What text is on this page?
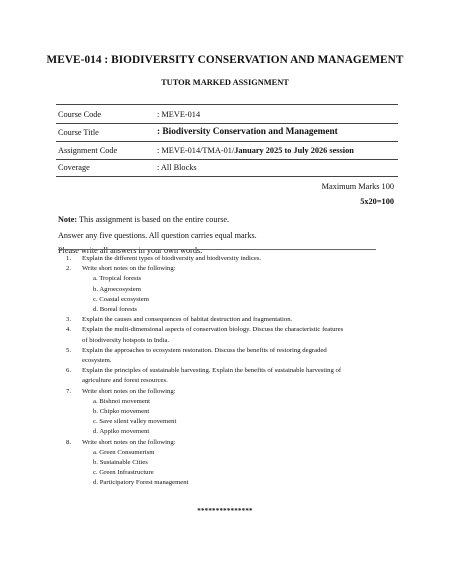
MEVE-014 : BIODIVERSITY CONSERVATION AND MANAGEMENT
TUTOR MARKED ASSIGNMENT
Course Code	: MEVE-014
Course Title	: Biodiversity Conservation and Management
Assignment Code	: MEVE-014/TMA-01/January 2025 to July 2026 session
Coverage	: All Blocks
Maximum Marks 100
5x20=100
Note: This assignment is based on the entire course.
Answer any five questions. All question carries equal marks.
Please write all answers in your own words.
1. Explain the different types of biodiversity and biodiversity indices.
2. Write short notes on the following:
a. Tropical forests
b. Agroecosystem
c. Coastal ecosystem
d. Boreal forests
3. Explain the causes and consequences of habitat destruction and fragmentation.
4. Explain the multi-dimensional aspects of conservation biology. Discuss the characteristic features
of biodiversity hotspots in India.
5. Explain the approaches to ecosystem restoration. Discuss the benefits of restoring degraded
ecosystem.
6. Explain the principles of sustainable harvesting. Explain the benefits of sustainable harvesting of
agriculture and forest resources.
7. Write short notes on the following:
a. Bishnoi movement
b. Chipko movement
c. Save silent valley movement
d. Appiko movement
8. Write short notes on the following:
a. Green Consumerism
b. Sustainable Cities
c. Green Infrastructure
d. Participatory Forest management
***************
